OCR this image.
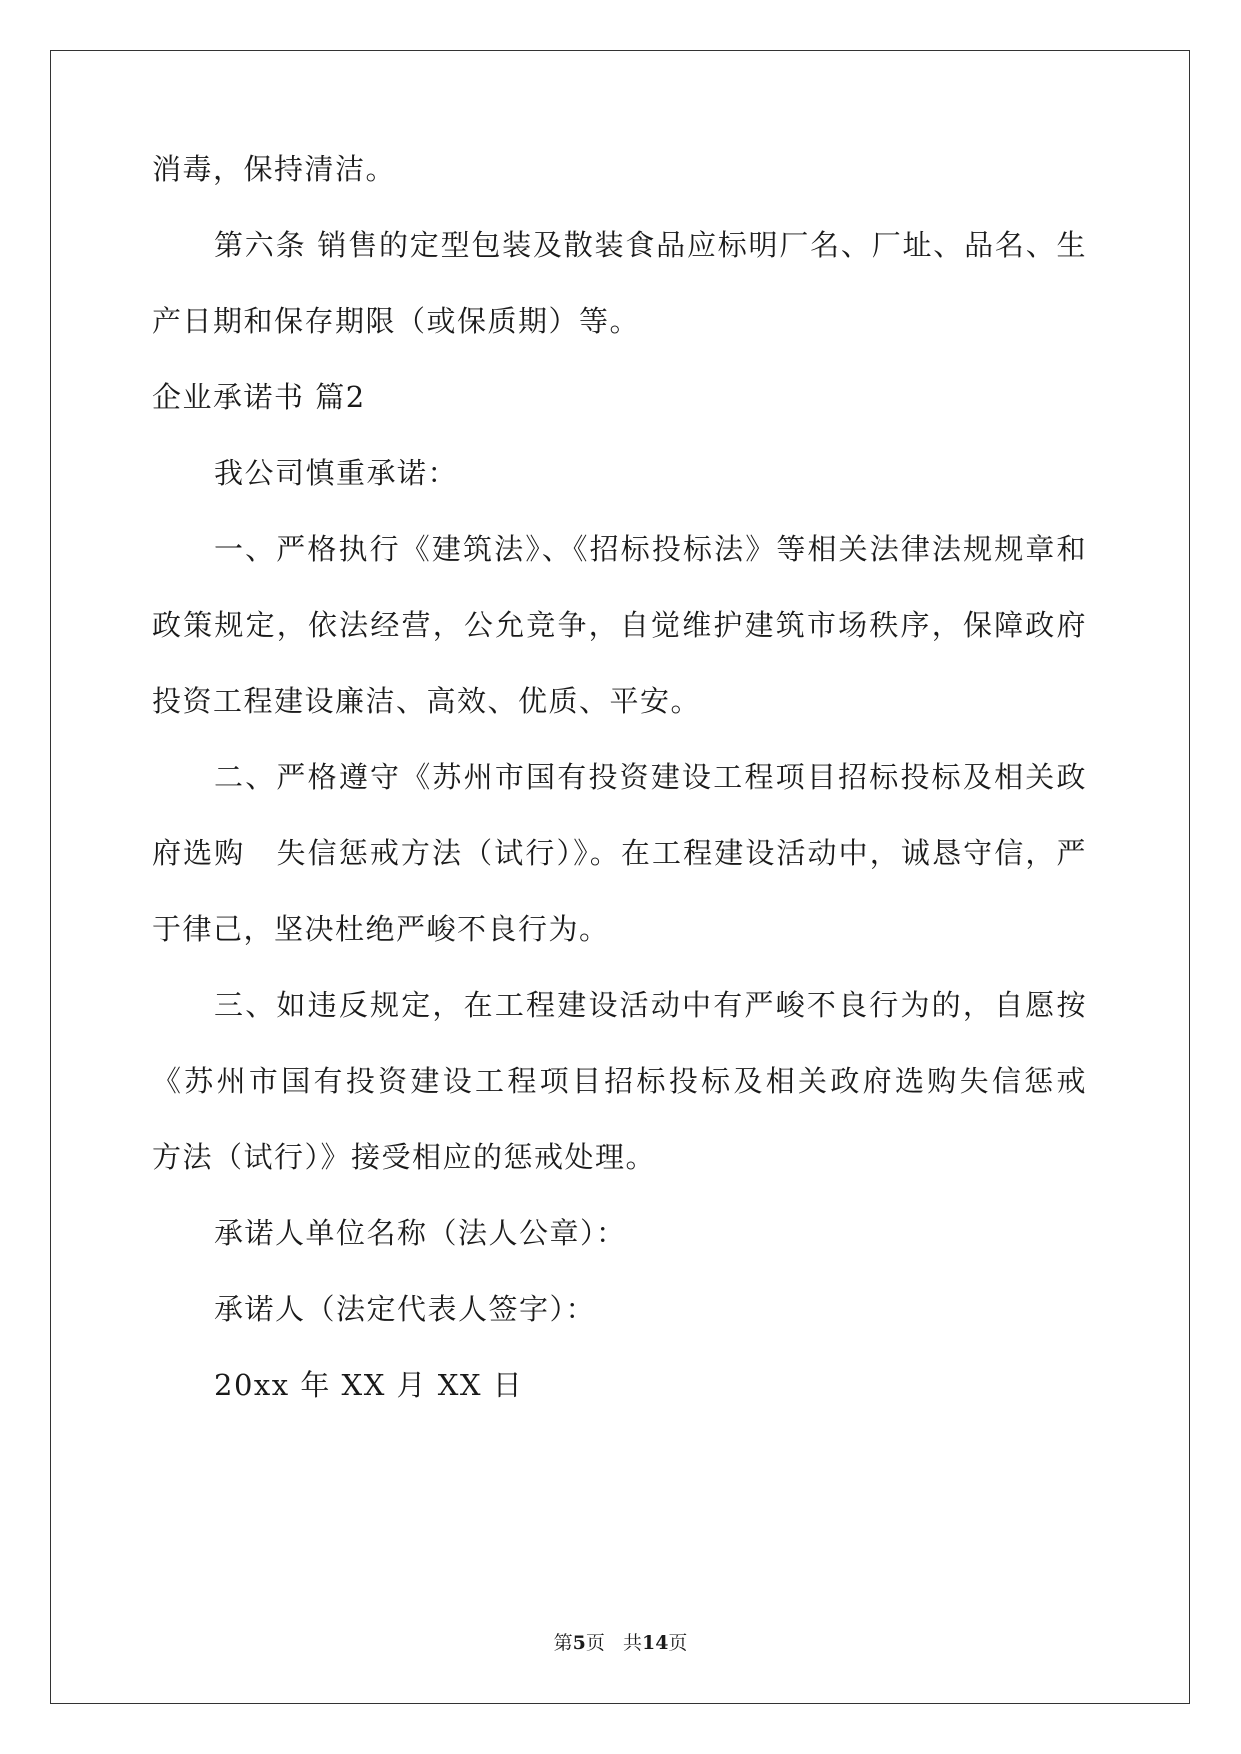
消毒，保持清洁。
第六条 销售的定型包装及散装食品应标明厂名、厂址、品名、生
产日期和保存期限（或保质期）等。
企业承诺书 篇2
我公司慎重承诺：
一、严格执行《建筑法》、《招标投标法》等相关法律法规规章和
政策规定，依法经营，公允竞争，自觉维护建筑市场秩序，保障政府
投资工程建设廉洁、高效、优质、平安。
二、严格遵守《苏州市国有投资建设工程项目招标投标及相关政
府选购　失信惩戒方法（试行）》。在工程建设活动中，诚恳守信，严
于律己，坚决杜绝严峻不良行为。
三、如违反规定，在工程建设活动中有严峻不良行为的，自愿按
《苏州市国有投资建设工程项目招标投标及相关政府选购失信惩戒
方法（试行）》接受相应的惩戒处理。
承诺人单位名称（法人公章）：
承诺人（法定代表人签字）：
20xx 年 XX 月 XX 日
第5页 共14页
